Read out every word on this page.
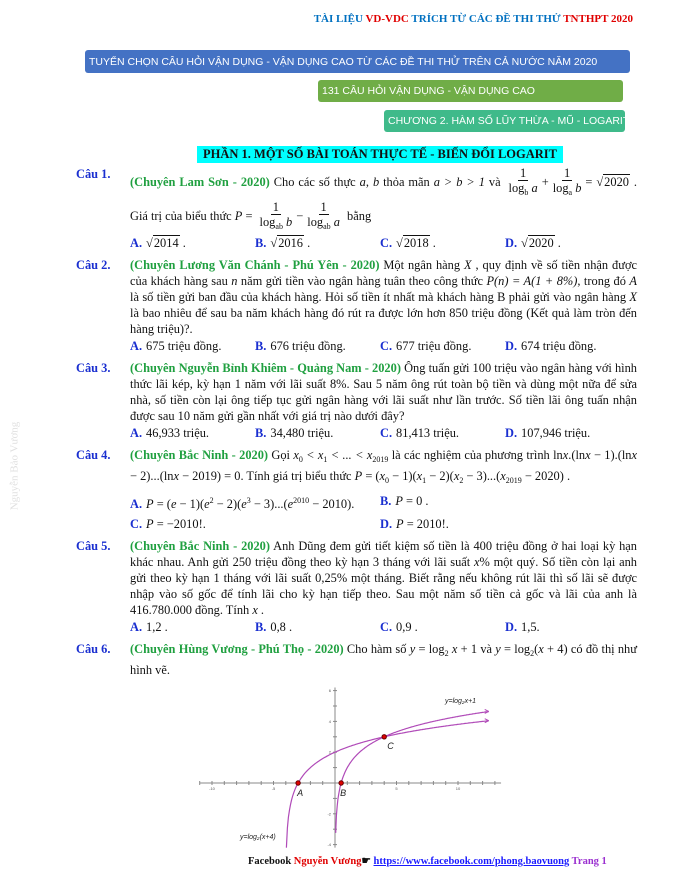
TÀI LIỆU VD-VDC TRÍCH TỪ CÁC ĐỀ THI THỬ TNTHPT 2020
TUYỂN CHỌN CÂU HỎI VẬN DỤNG - VẬN DỤNG CAO TỪ CÁC ĐỀ THI THỬ TRÊN CẢ NƯỚC NĂM 2020
131 CÂU HỎI VẬN DỤNG - VẬN DỤNG CAO
CHƯƠNG 2. HÀM SỐ LŨY THỪA - MŨ - LOGARIT
PHẦN 1. MỘT SỐ BÀI TOÁN THỰC TẾ - BIẾN ĐỔI LOGARIT
Nguyễn Bảo Vương
Câu 1.
(Chuyên Lam Sơn - 2020) Cho các số thực a, b thỏa mãn a > b > 1 và $\frac{1}{\log_b a} + \frac{1}{\log_a b} = √2020$ . Giá trị của biểu thức $P = \frac{1}{\log_{ab} b} - \frac{1}{\log_{ab} a}$ bằng
A. √2014 .	B. √2016 .	C. √2018 .	D. √2020 .
Câu 2. (Chuyên Lương Văn Chánh - Phú Yên - 2020) Một ngân hàng X , quy định về số tiền nhận được của khách hàng sau n năm gửi tiền vào ngân hàng tuân theo công thức P(n) = A(1 + 8%), trong đó A là số tiền gửi ban đầu của khách hàng. Hỏi số tiền ít nhất mà khách hàng B phải gửi vào ngân hàng X là bao nhiêu để sau ba năm khách hàng đó rút ra được lớn hơn 850 triệu đồng (Kết quả làm tròn đến hàng triệu)?.
A. 675 triệu đồng.	B. 676 triệu đồng.	C. 677 triệu đồng.	D. 674 triệu đồng.
Câu 3. (Chuyên Nguyễn Bỉnh Khiêm - Quảng Nam - 2020) Ông tuấn gửi 100 triệu vào ngân hàng với hình thức lãi kép, kỳ hạn 1 năm với lãi suất 8%. Sau 5 năm ông rút toàn bộ tiền và dùng một nữa để sửa nhà, số tiền còn lại ông tiếp tục gửi ngân hàng với lãi suất như lần trước. Số tiền lãi ông tuấn nhận được sau 10 năm gửi gần nhất với giá trị nào dưới đây?
A. 46,933 triệu.	B. 34,480 triệu.	C. 81,413 triệu.	D. 107,946 triệu.
Câu 4. (Chuyên Bắc Ninh - 2020) Gọi $x_0 < x_1$ < ... < $x_{2019}$ là các nghiệm của phương trình lnx.(lnx − 1).(lnx − 2)...(lnx − 2019) = 0. Tính giá trị biểu thức $P = (x_0 - 1)(x_1 - 2)(x_2 - 3)...(x_{2019} - 2020)$ .
A. $P = (e - 1)(e^2 - 2)(e^3 - 3)...(e^{2010} - 2010)$.	B. P = 0 .
C. P = −2010!.	D. P = 2010!.
Câu 5. (Chuyên Bắc Ninh - 2020) Anh Dũng đem gửi tiết kiệm số tiền là 400 triệu đồng ở hai loại kỳ hạn khác nhau. Anh gửi 250 triệu đồng theo kỳ hạn 3 tháng với lãi suất x% một quý. Số tiền còn lại anh gửi theo kỳ hạn 1 tháng với lãi suất 0,25% một tháng. Biết rằng nếu không rút lãi thì số lãi sẽ được nhập vào số gốc để tính lãi cho kỳ hạn tiếp theo. Sau một năm số tiền cả gốc và lãi của anh là 416.780.000 đồng. Tính x .
A. 1,2 .	B. 0,8 .	C. 0,9 .	D. 1,5.
Câu 6. (Chuyên Hùng Vương - Phú Thọ - 2020) Cho hàm số $y = \log_2 x + 1$ và $y = \log_2(x + 4)$ có đồ thị như hình vẽ.
-10	-5	5	10
6
4
2
-2
-4
A	B
C
y=log₂x+1
y=log₂(x+4)
Facebook Nguyễn Vương☛ https://www.facebook.com/phong.baovuong Trang 1
